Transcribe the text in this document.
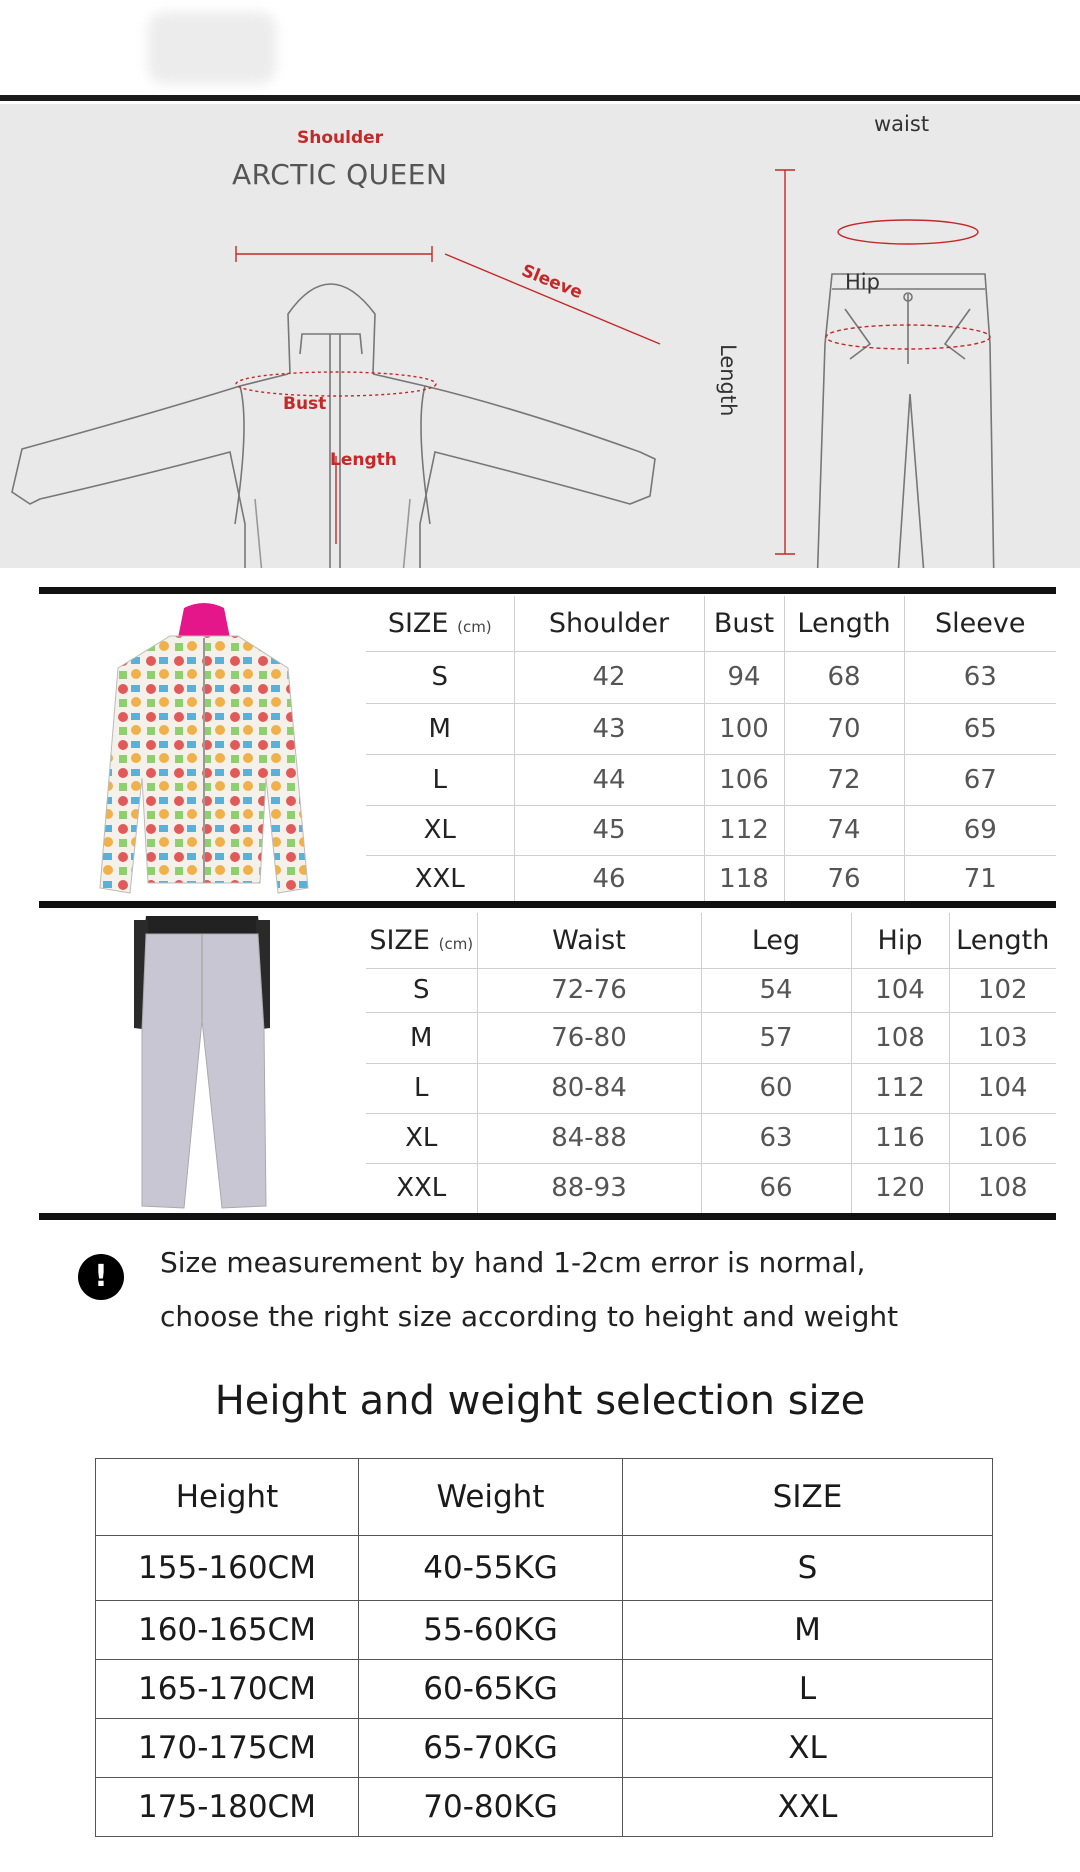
Shoulder
Sleeve
Bust
Length
waist
Hip
Length
ARCTIC QUEEN
SIZE (cm)	Shoulder	Bust	Length	Sleeve
S	42	94	68	63
M	43	100	70	65
L	44	106	72	67
XL	45	112	74	69
XXL	46	118	76	71
SIZE (cm)	Waist	Leg	Hip	Length
S	72-76	54	104	102
M	76-80	57	108	103
L	80-84	60	112	104
XL	84-88	63	116	106
XXL	88-93	66	120	108
!	Size measurement by hand 1-2cm error is normal,
choose the right size according to height and weight
Height and weight selection size
Height	Weight	SIZE
155-160CM	40-55KG	S
160-165CM	55-60KG	M
165-170CM	60-65KG	L
170-175CM	65-70KG	XL
175-180CM	70-80KG	XXL
